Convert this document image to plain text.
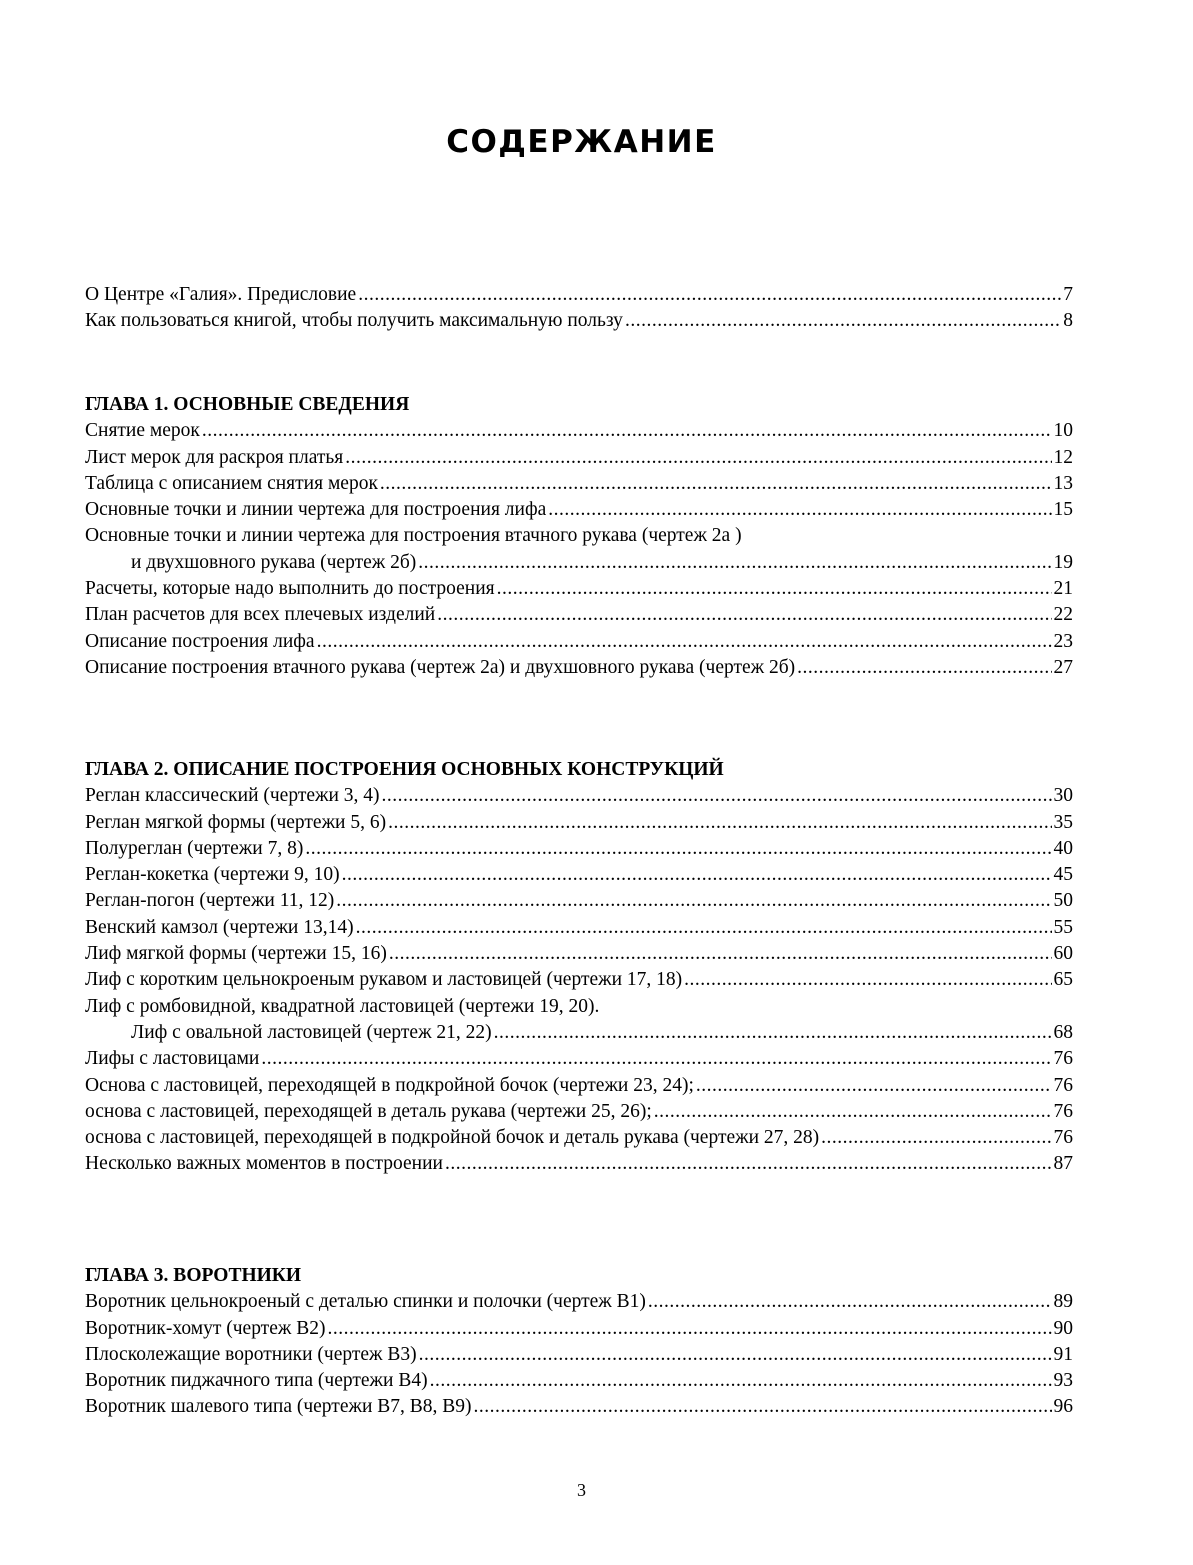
СОДЕРЖАНИЕ
О Центре «Галия». Предисловие .....	7
Как пользоваться книгой, чтобы получить максимальную пользу .....	8
ГЛАВА 1. ОСНОВНЫЕ СВЕДЕНИЯ
Снятие мерок .....	10
Лист мерок для раскроя платья .....	12
Таблица с описанием снятия мерок .....	13
Основные точки и линии чертежа для построения лифа .....	15
Основные точки и линии чертежа для построения втачного рукава (чертеж 2а )
и двухшовного рукава (чертеж 2б) .....	19
Расчеты, которые надо выполнить до построения .....	21
План расчетов для всех плечевых изделий .....	22
Описание построения лифа .....	23
Описание построения втачного рукава (чертеж 2а) и двухшовного рукава (чертеж 2б) .....	27
ГЛАВА 2. ОПИСАНИЕ ПОСТРОЕНИЯ ОСНОВНЫХ КОНСТРУКЦИЙ
Реглан классический (чертежи 3, 4) .....	30
Реглан мягкой формы (чертежи 5, 6) .....	35
Полуреглан (чертежи 7, 8) .....	40
Реглан-кокетка (чертежи 9, 10) .....	45
Реглан-погон (чертежи 11, 12) .....	50
Венский камзол (чертежи 13,14) .....	55
Лиф мягкой формы (чертежи 15, 16) .....	60
Лиф с коротким цельнокроеным рукавом и ластовицей (чертежи 17, 18) .....	65
Лиф с ромбовидной, квадратной ластовицей (чертежи 19, 20).
Лиф с овальной ластовицей (чертеж 21, 22) .....	68
Лифы с ластовицами .....	76
Основа с ластовицей, переходящей в подкройной бочок (чертежи 23, 24); .....	76
основа с ластовицей, переходящей в деталь рукава (чертежи 25, 26); .....	76
основа с ластовицей, переходящей в подкройной бочок и деталь рукава (чертежи 27, 28) .....	76
Несколько важных моментов в построении .....	87
ГЛАВА 3. ВОРОТНИКИ
Воротник цельнокроеный с деталью спинки и полочки (чертеж В1) .....	89
Воротник-хомут (чертеж В2) .....	90
Плосколежащие воротники (чертеж В3) .....	91
Воротник пиджачного типа (чертежи В4) .....	93
Воротник шалевого типа (чертежи В7, В8, В9) .....	96
3
